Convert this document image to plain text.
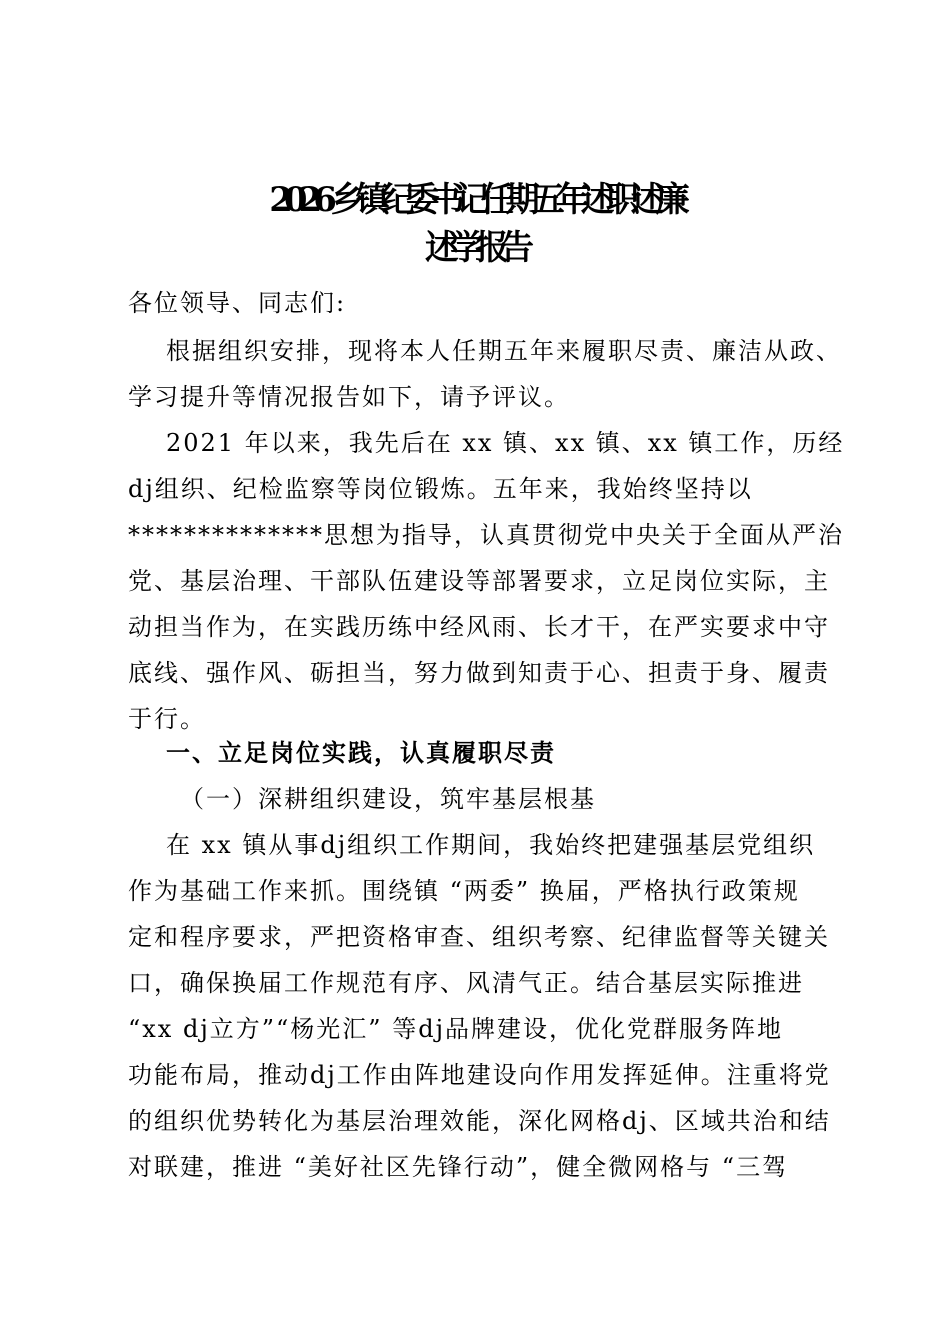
2026 乡镇纪委书记任期五年述职述廉
述学报告
各位领导、同志们:
根据组织安排，现将本人任期五年来履职尽责、廉洁从政、
学习提升等情况报告如下，请予评议。
2021 年以来，我先后在 xx 镇、xx 镇、xx 镇工作，历经
dj组织、纪检监察等岗位锻炼。五年来，我始终坚持以
**************思想为指导，认真贯彻党中央关于全面从严治
党、基层治理、干部队伍建设等部署要求，立足岗位实际，主
动担当作为，在实践历练中经风雨、长才干，在严实要求中守
底线、强作风、砺担当，努力做到知责于心、担责于身、履责
于行。
一、立足岗位实践，认真履职尽责
（一）深耕组织建设，筑牢基层根基
在 xx 镇从事dj组织工作期间，我始终把建强基层党组织
作为基础工作来抓。围绕镇 “两委” 换届，严格执行政策规
定和程序要求，严把资格审查、组织考察、纪律监督等关键关
口，确保换届工作规范有序、风清气正。结合基层实际推进
“xx dj立方”“杨光汇” 等dj品牌建设，优化党群服务阵地
功能布局，推动dj工作由阵地建设向作用发挥延伸。注重将党
的组织优势转化为基层治理效能，深化网格dj、区域共治和结
对联建，推进 “美好社区先锋行动”，健全微网格与 “三驾
